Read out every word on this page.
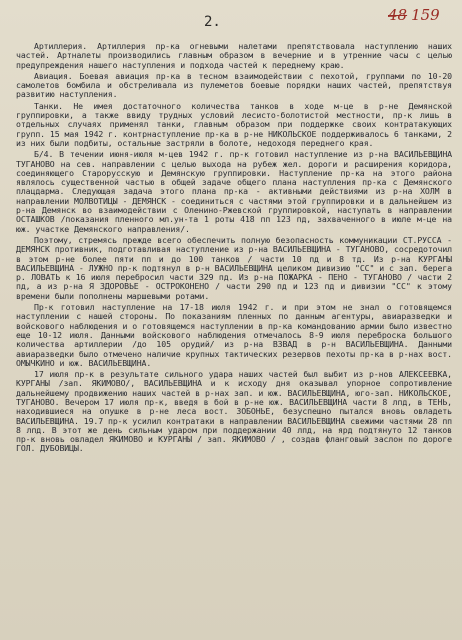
2.	48 159

Артиллерия. Артиллерия пр-ка огневыми налетами препятствовала наступлению наших частей. Артналеты производились главным образом в вечерние и в утренние часы с целью предупреждения нашего наступления и подхода частей к переднему краю.

Авиация. Боевая авиация пр-ка в тесном взаимодействии с пехотой, группами по 10-20 самолетов бомбила и обстреливала из пулеметов боевые порядки наших частей, препятствуя развитию наступления.

Танки. Не имея достаточного количества танков в ходе м-це в р-не Демянской группировки, а также ввиду трудных условий лесисто-болотистой местности, пр-к лишь в отдельных случаях применял танки, главным образом при поддержке своих контратакующих групп. 15 мая 1942 г. контрнаступление пр-ка в р-не НИКОЛЬСКОЕ поддерживалось 6 танками, 2 из них были подбиты, остальные застряли в болоте, недоходя переднего края.

Б/4. В течении июня-июля м-цев 1942 г. пр-к готовил наступление из р-на ВАСИЛЬЕВЩИНА ТУГАНОВО на сев. направлении с целью выхода на рубеж жел. дороги и расширения коридора, соединяющего Старорусскую и Демянскую группировки. Наступление пр-ка на этого района являлось существенной частью в общей задаче общего плана наступления пр-ка с Демянского плацдарма. Следующая задача этого плана пр-ка - активными действиями из р-на ХОЛМ в направлении МОЛВОТИЦЫ - ДЕМЯНСК - соединиться с частями этой группировки и в дальнейшем из р-на Демянск во взаимодействии с Оленино-Ржевской группировкой, наступать в направлении ОСТАШКОВ /показания пленного мл.ун-та 1 роты 418 пп 123 пд, захваченного в июле м-це на юж. участке Демянского направления/.

Поэтому, стремясь прежде всего обеспечить полную безопасность коммуникации СТ.РУССА - ДЕМЯНСК противник, подготавливая наступление из р-на ВАСИЛЬЕВЩИНА - ТУГАНОВО, сосредоточил в этом р-не более пяти пп и до 100 танков / части 10 пд и 8 тд. Из р-на КУРГАНЫ ВАСИЛЬЕВЩИНА - ЛУЖНО пр-к подтянул в р-н ВАСИЛЬЕВЩИНА целиком дивизию "СС" и с зап. берега р. ЛОВАТЬ к 16 июля перебросил части 329 пд. Из р-на ПОЖАРКА - ПЕНО - ТУГАНОВО / части 2 пд, а из р-на Я ЗДОРОВЬЕ - ОСТРОКОНЕНО / части 290 пд и 123 пд и дивизии "СС" к этому времени были пополнены маршевыми ротами.

Пр-к готовил наступление на 17-18 июля 1942 г. и при этом не знал о готовящемся наступлении с нашей стороны. По показаниям пленных по данным агентуры, авиаразведки и войскового наблюдения и о готовящемся наступлении в пр-ка командованию армии было известно еще 10-12 июля. Данными войскового наблюдения отмечалось 8-9 июля переброска большого количества артиллерии /до 105 орудий/ из р-на ВЗВАД в р-н ВАСИЛЬЕВЩИНА. Данными авиаразведки было отмечено наличие крупных тактических резервов пехоты пр-ка в р-нах вост. ОМЫЧКИНО и юж. ВАСИЛЬЕВЩИНА.

17 июля пр-к в результате сильного удара наших частей был выбит из р-нов АЛЕКСЕЕВКА, КУРГАНЫ /зап. ЯКИМОВО/, ВАСИЛЬЕВЩИНА и к исходу дня оказывал упорное сопротивление дальнейшему продвижению наших частей в р-нах зап. и юж. ВАСИЛЬЕВЩИНА, юго-зап. НИКОЛЬСКОЕ, ТУГАНОВО. Вечером 17 июля пр-к, введя в бой в р-не юж. ВАСИЛЬЕВЩИНА части 8 лпд, в ТЕНЬ, находившиеся на опушке в р-не леса вост. ЗОБОНЬЕ, безуспешно пытался вновь овладеть ВАСИЛЬЕВЩИНА. 19.7 пр-к усилил контратаки в направлении ВАСИЛЬЕВЩИНА свежими частями 28 пп 8 лпд. В этот же день сильным ударом при поддержании 40 лпд, на ярд подтянуто 12 танков пр-к вновь овладел ЯКИМОВО и КУРГАНЫ / зап. ЯКИМОВО / , создав фланговый заслон по дороге ГОЛ. ДУБОВИЦЫ.
